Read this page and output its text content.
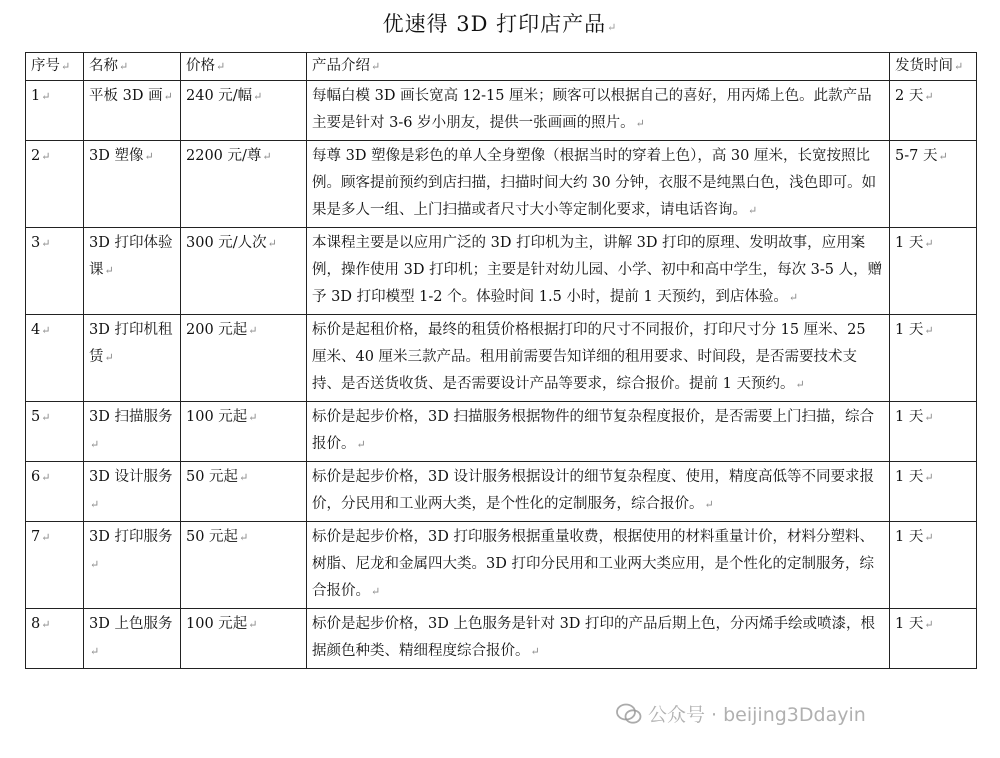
优速得 3D 打印店产品↵
序号↵	名称↵	价格↵	产品介绍↵	发货时间↵
1↵	平板 3D 画↵	240 元/幅↵	每幅白模 3D 画长宽高 12-15 厘米；顾客可以根据自己的喜好，用丙烯上色。此款产品主要是针对 3-6 岁小朋友，提供一张画画的照片。↵	2 天↵
2↵	3D 塑像↵	2200 元/尊↵	每尊 3D 塑像是彩色的单人全身塑像（根据当时的穿着上色），高 30 厘米，长宽按照比例。顾客提前预约到店扫描，扫描时间大约 30 分钟，衣服不是纯黑白色，浅色即可。如果是多人一组、上门扫描或者尺寸大小等定制化要求，请电话咨询。↵	5-7 天↵
3↵	3D 打印体验课↵	300 元/人次↵	本课程主要是以应用广泛的 3D 打印机为主，讲解 3D 打印的原理、发明故事，应用案例，操作使用 3D 打印机；主要是针对幼儿园、小学、初中和高中学生，每次 3-5 人，赠予 3D 打印模型 1-2 个。体验时间 1.5 小时，提前 1 天预约，到店体验。↵	1 天↵
4↵	3D 打印机租赁↵	200 元起↵	标价是起租价格，最终的租赁价格根据打印的尺寸不同报价，打印尺寸分 15 厘米、25 厘米、40 厘米三款产品。租用前需要告知详细的租用要求、时间段，是否需要技术支持、是否送货收货、是否需要设计产品等要求，综合报价。提前 1 天预约。↵	1 天↵
5↵	3D 扫描服务↵	100 元起↵	标价是起步价格，3D 扫描服务根据物件的细节复杂程度报价，是否需要上门扫描，综合报价。↵	1 天↵
6↵	3D 设计服务↵	50 元起↵	标价是起步价格，3D 设计服务根据设计的细节复杂程度、使用，精度高低等不同要求报价，分民用和工业两大类，是个性化的定制服务，综合报价。↵	1 天↵
7↵	3D 打印服务↵	50 元起↵	标价是起步价格，3D 打印服务根据重量收费，根据使用的材料重量计价，材料分塑料、树脂、尼龙和金属四大类。3D 打印分民用和工业两大类应用，是个性化的定制服务，综合报价。↵	1 天↵
8↵	3D 上色服务↵	100 元起↵	标价是起步价格，3D 上色服务是针对 3D 打印的产品后期上色，分丙烯手绘或喷漆，根据颜色种类、精细程度综合报价。↵	1 天↵
公众号 · beijing3Ddayin
